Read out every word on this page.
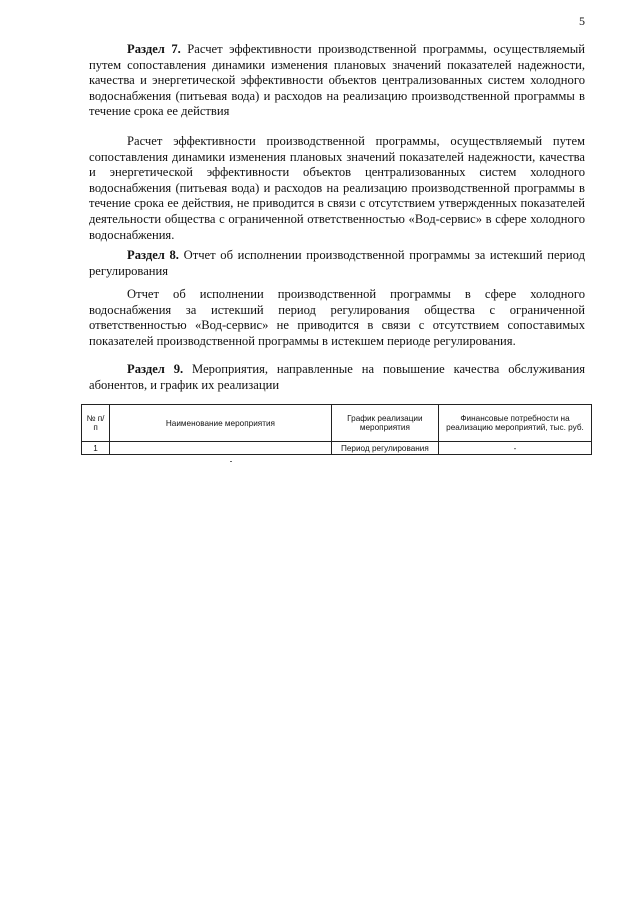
5
Раздел 7. Расчет эффективности производственной программы, осуществляемый путем сопоставления динамики изменения плановых значений показателей надежности, качества и энергетической эффективности объектов централизованных систем холодного водоснабжения (питьевая вода) и расходов на реализацию производственной программы в течение срока ее действия
Расчет эффективности производственной программы, осуществляемый путем сопоставления динамики изменения плановых значений показателей надежности, качества и энергетической эффективности объектов централизованных систем холодного водоснабжения (питьевая вода) и расходов на реализацию производственной программы в течение срока ее действия, не приводится в связи с отсутствием утвержденных показателей деятельности общества с ограниченной ответственностью «Вод-сервис» в сфере холодного водоснабжения.
Раздел 8. Отчет об исполнении производственной программы за истекший период регулирования
Отчет об исполнении производственной программы в сфере холодного водоснабжения за истекший период регулирования общества с ограниченной ответственностью «Вод-сервис» не приводится в связи с отсутствием сопоставимых показателей производственной программы в истекшем периоде регулирования.
Раздел 9. Мероприятия, направленные на повышение качества обслуживания абонентов, и график их реализации
№ п/п	Наименование мероприятия	График реализации мероприятия	Финансовые потребности на реализацию мероприятий, тыс. руб.
1		Период регулирования	-
